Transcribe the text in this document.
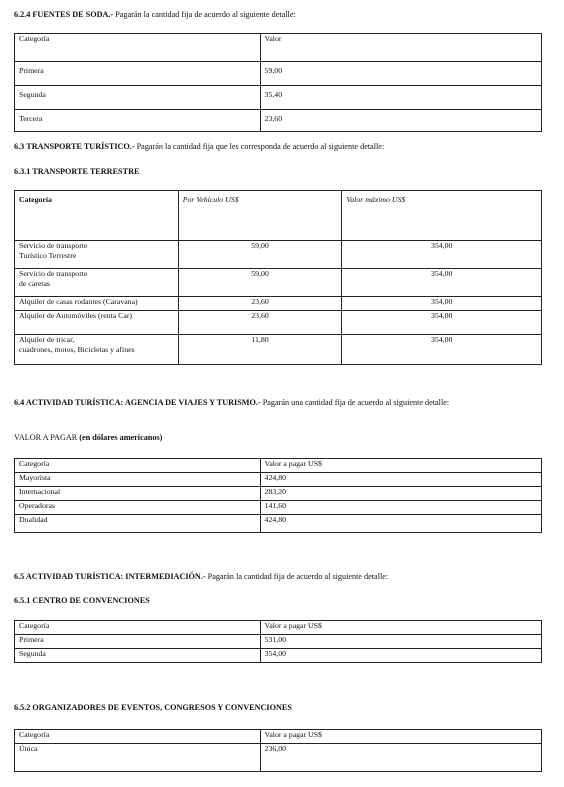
6.2.4 FUENTES DE SODA.- Pagarán la cantidad fija de acuerdo al siguiente detalle:
Categoría	Valor
Primera	59,00
Segunda	35,40
Tercera	23,60
6.3 TRANSPORTE TURÍSTICO.- Pagarán la cantidad fija que les corresponda de acuerdo al siguiente detalle:
6.3.1 TRANSPORTE TERRESTRE
Categoría	Por Vehículo US$	Valor máximo US$

Servicio de transporte
Turístico Terrestre	59,00	354,00

Servicio de transporte
de caretas	59,00	354,00
Alquiler de casas rodantes (Caravana)	23,60	354,00
Alquiler de Automóviles (renta Car)	23,60	354,00

Alquiler de tricar,
cuadrones, motos, Bicicletas y afines	11,80	354,00
6.4 ACTIVIDAD TURÍSTICA: AGENCIA DE VIAJES Y TURISMO.- Pagarán una cantidad fija de acuerdo al siguiente detalle:
VALOR A PAGAR (en dólares americanos)
Categoría	Valor a pagar US$
Mayorista	424,80
Internacional	283,20
Operadoras	141,60
Dualidad	424,80
6.5 ACTIVIDAD TURÍSTICA: INTERMEDIACIÓN.- Pagarán la cantidad fija de acuerdo al siguiente detalle:
6.5.1 CENTRO DE CONVENCIONES
Categoría	Valor a pagar US$
Primera	531,00
Segunda	354,00
6.5.2 ORGANIZADORES DE EVENTOS, CONGRESOS Y CONVENCIONES
Categoría	Valor a pagar US$
Única	236,00
